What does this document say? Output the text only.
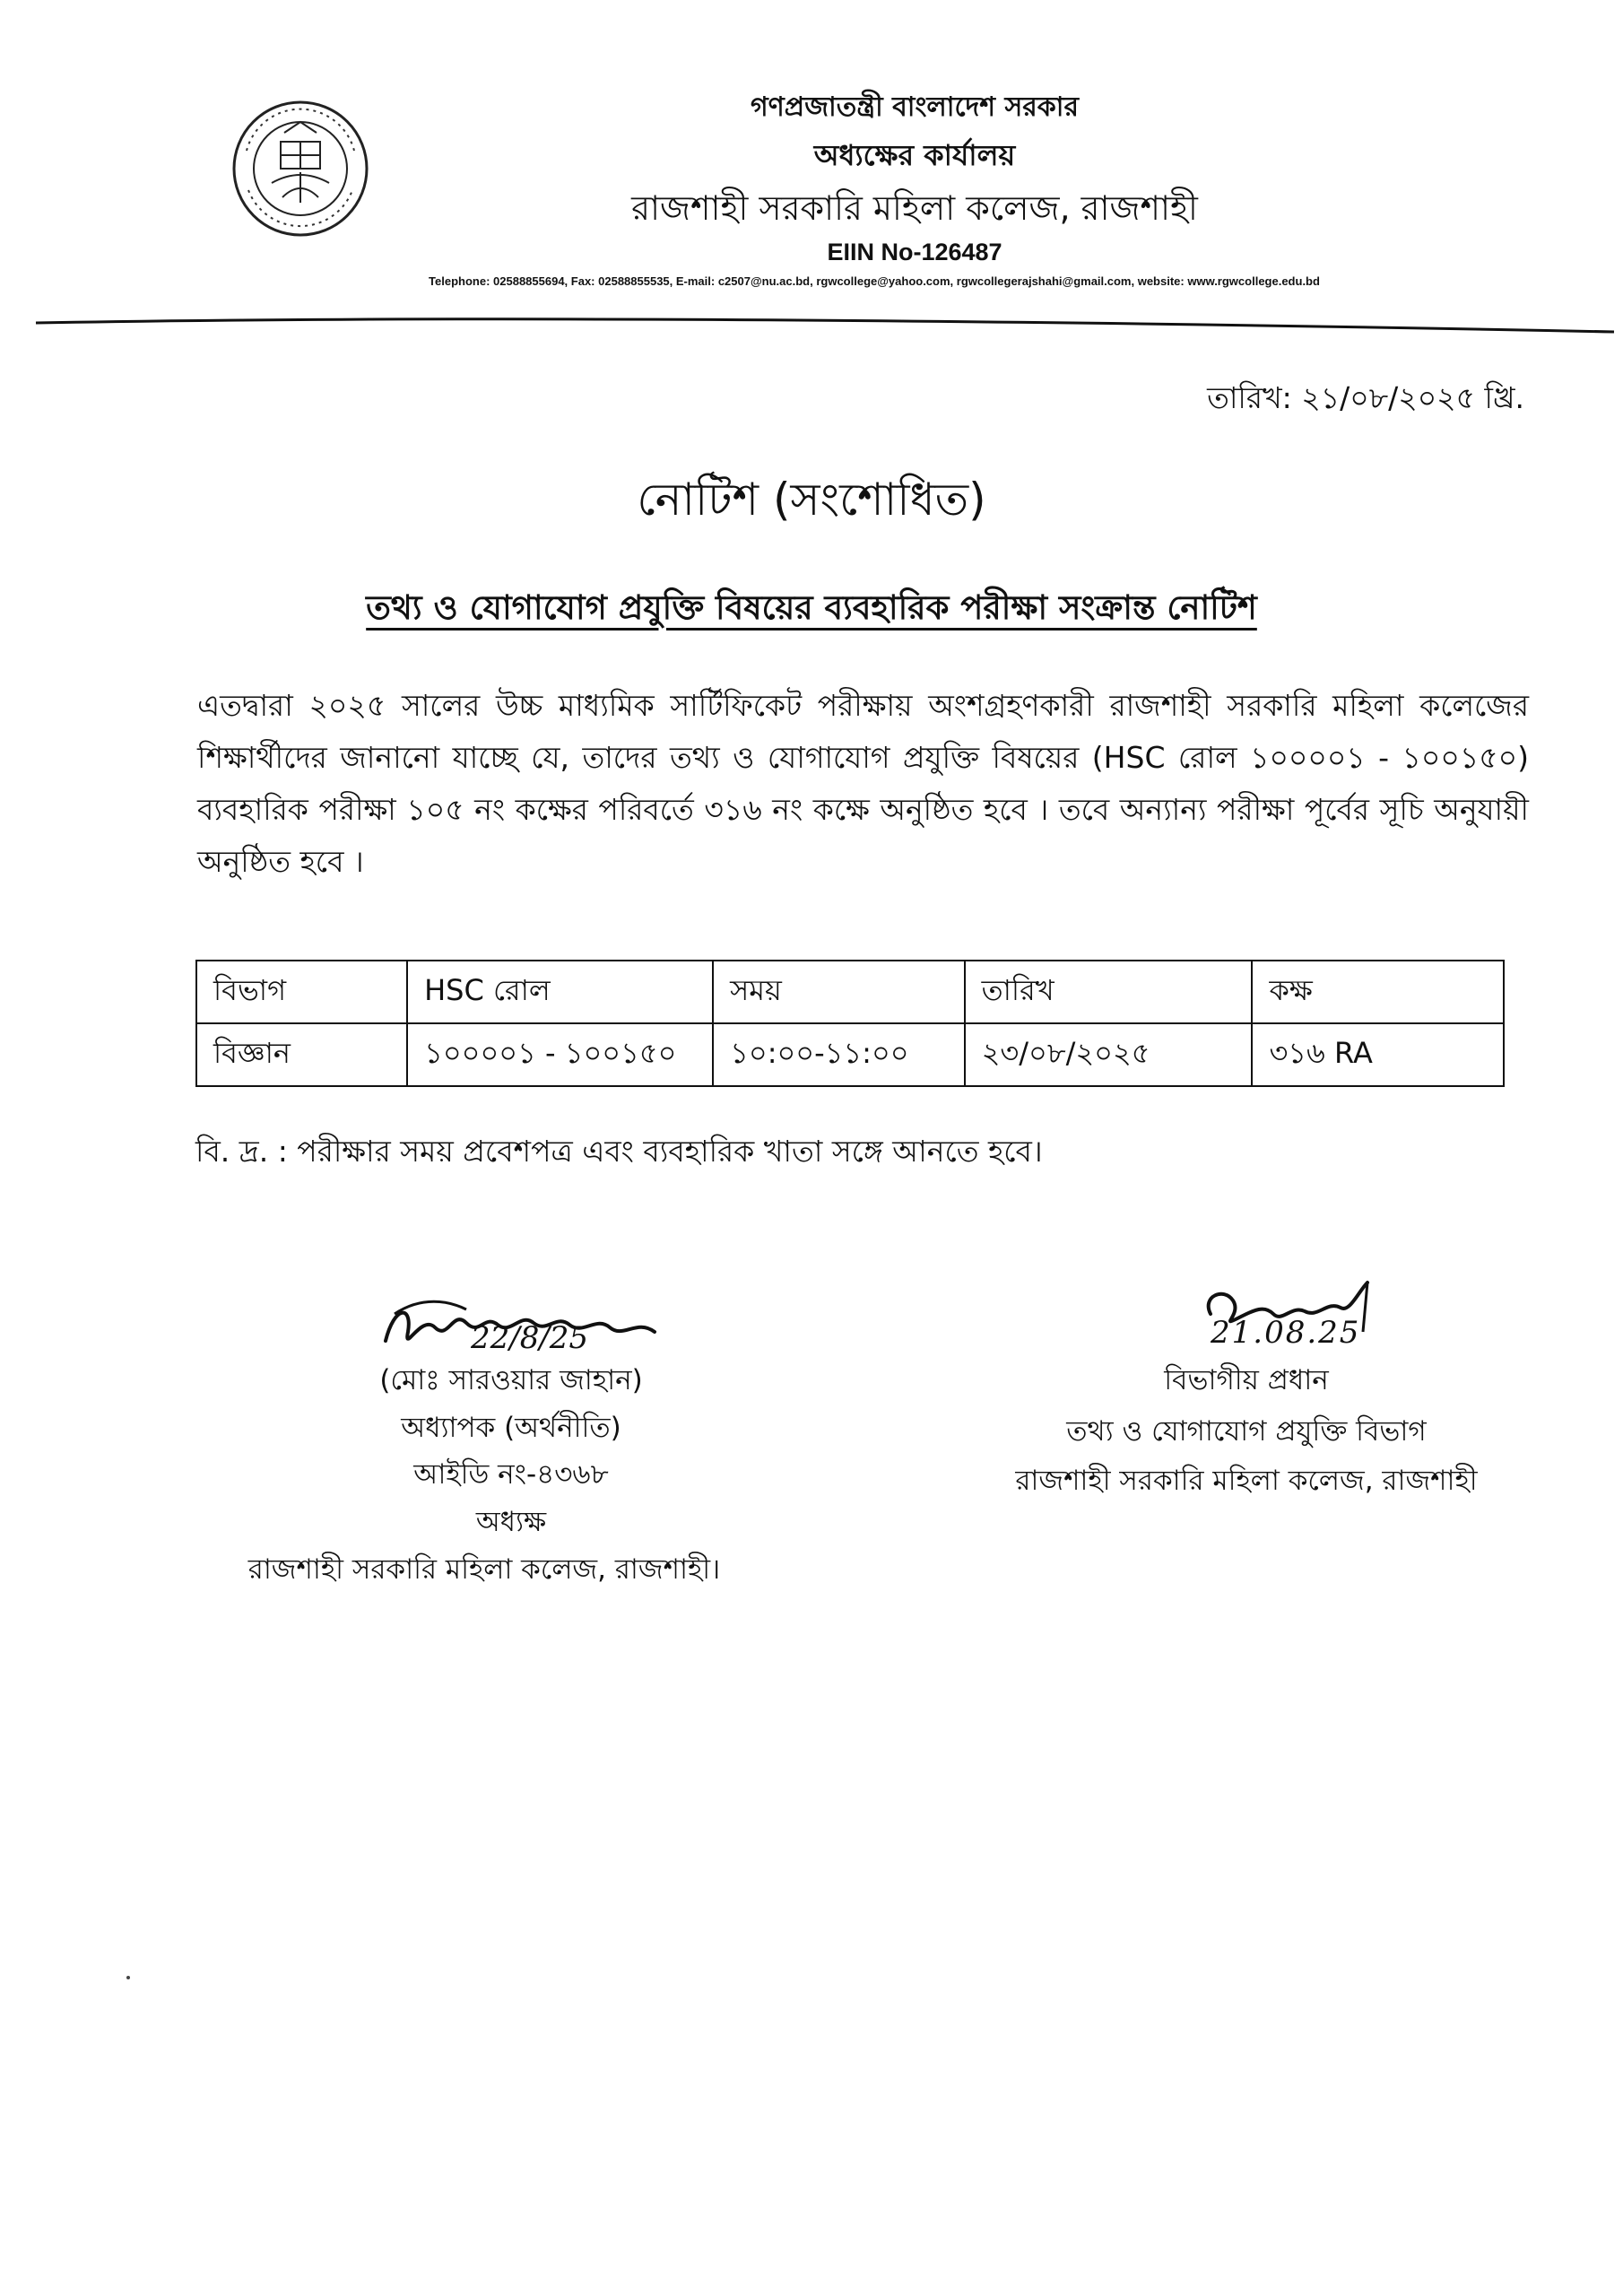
গণপ্রজাতন্ত্রী বাংলাদেশ সরকার
অধ্যক্ষের কার্যালয়
রাজশাহী সরকারি মহিলা কলেজ, রাজশাহী
EIIN No-126487
Telephone: 02588855694, Fax: 02588855535, E-mail: c2507@nu.ac.bd, rgwcollege@yahoo.com, rgwcollegerajshahi@gmail.com, website: www.rgwcollege.edu.bd
তারিখ: ২১/০৮/২০২৫ খ্রি.
নোটিশ (সংশোধিত)
তথ্য ও যোগাযোগ প্রযুক্তি বিষয়ের ব্যবহারিক পরীক্ষা সংক্রান্ত নোটিশ
এতদ্বারা ২০২৫ সালের উচ্চ মাধ্যমিক সার্টিফিকেট পরীক্ষায় অংশগ্রহণকারী রাজশাহী সরকারি মহিলা কলেজের শিক্ষার্থীদের জানানো যাচ্ছে যে, তাদের তথ্য ও যোগাযোগ প্রযুক্তি বিষয়ের (HSC রোল ১০০০০১ - ১০০১৫০) ব্যবহারিক পরীক্ষা ১০৫ নং কক্ষের পরিবর্তে ৩১৬ নং কক্ষে অনুষ্ঠিত হবে । তবে অন্যান্য পরীক্ষা পূর্বের সূচি অনুযায়ী অনুষ্ঠিত হবে ।
বিভাগ	HSC রোল	সময়	তারিখ	কক্ষ
বিজ্ঞান	১০০০০১ - ১০০১৫০	১০:০০-১১:০০	২৩/০৮/২০২৫	৩১৬ RA
বি. দ্র. : পরীক্ষার সময় প্রবেশপত্র এবং ব্যবহারিক খাতা সঙ্গে আনতে হবে।
22/8/25
(মোঃ সারওয়ার জাহান)
অধ্যাপক (অর্থনীতি)
আইডি নং-৪৩৬৮
অধ্যক্ষ
রাজশাহী সরকারি মহিলা কলেজ, রাজশাহী।
21.08.25
বিভাগীয় প্রধান
তথ্য ও যোগাযোগ প্রযুক্তি বিভাগ
রাজশাহী সরকারি মহিলা কলেজ, রাজশাহী
